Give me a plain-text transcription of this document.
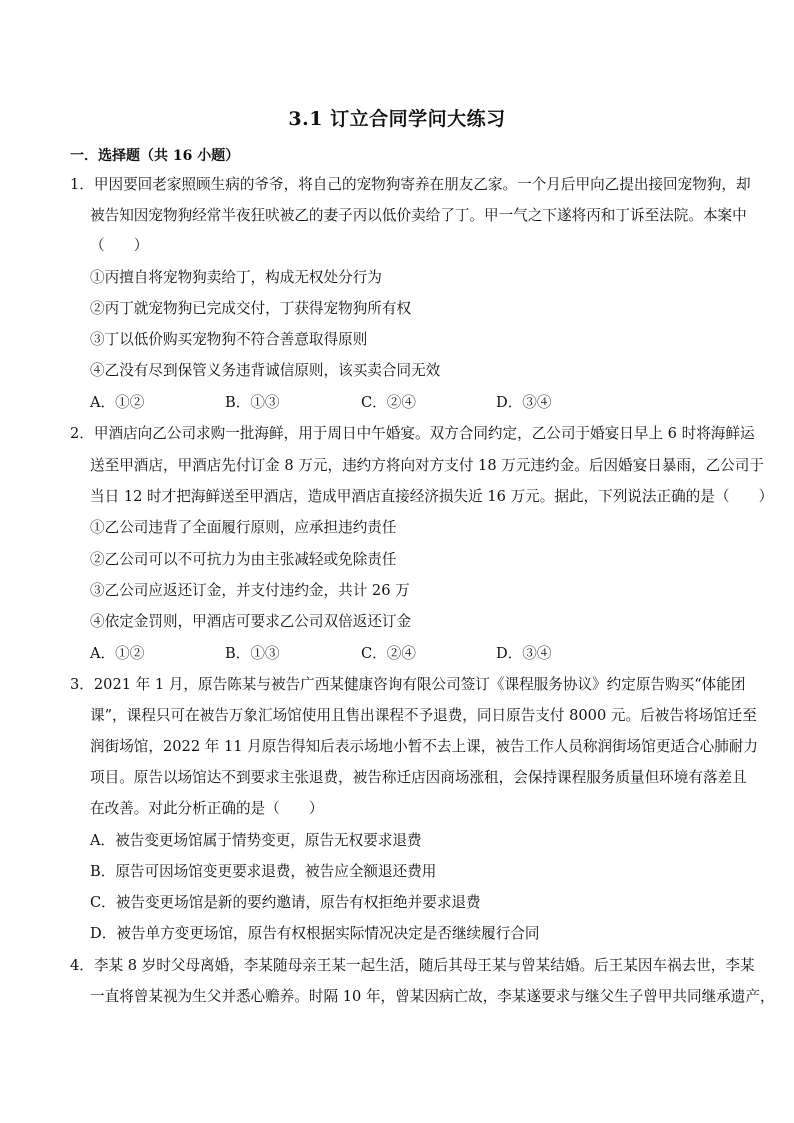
3.1 订立合同学问大练习
一．选择题（共 16 小题）
1．甲因要回老家照顾生病的爷爷，将自己的宠物狗寄养在朋友乙家。一个月后甲向乙提出接回宠物狗，却
被告知因宠物狗经常半夜狂吠被乙的妻子丙以低价卖给了丁。甲一气之下遂将丙和丁诉至法院。本案中
（　　）
①丙擅自将宠物狗卖给丁，构成无权处分行为
②丙丁就宠物狗已完成交付，丁获得宠物狗所有权
③丁以低价购买宠物狗不符合善意取得原则
④乙没有尽到保管义务违背诚信原则，该买卖合同无效
A．①②	B．①③	C．②④	D．③④
2．甲酒店向乙公司求购一批海鲜，用于周日中午婚宴。双方合同约定，乙公司于婚宴日早上 6 时将海鲜运
送至甲酒店，甲酒店先付订金 8 万元，违约方将向对方支付 18 万元违约金。后因婚宴日暴雨，乙公司于
当日 12 时才把海鲜送至甲酒店，造成甲酒店直接经济损失近 16 万元。据此，下列说法正确的是（　　）
①乙公司违背了全面履行原则，应承担违约责任
②乙公司可以不可抗力为由主张减轻或免除责任
③乙公司应返还订金，并支付违约金，共计 26 万
④依定金罚则，甲酒店可要求乙公司双倍返还订金
A．①②	B．①③	C．②④	D．③④
3．2021 年 1 月，原告陈某与被告广西某健康咨询有限公司签订《课程服务协议》约定原告购买“体能团
课”，课程只可在被告万象汇场馆使用且售出课程不予退费，同日原告支付 8000 元。后被告将场馆迁至
润街场馆，2022 年 11 月原告得知后表示场地小暂不去上课，被告工作人员称润街场馆更适合心肺耐力
项目。原告以场馆达不到要求主张退费，被告称迁店因商场涨租，会保持课程服务质量但环境有落差且
在改善。对此分析正确的是（　　）
A．被告变更场馆属于情势变更，原告无权要求退费
B．原告可因场馆变更要求退费，被告应全额退还费用
C．被告变更场馆是新的要约邀请，原告有权拒绝并要求退费
D．被告单方变更场馆，原告有权根据实际情况决定是否继续履行合同
4．李某 8 岁时父母离婚，李某随母亲王某一起生活，随后其母王某与曾某结婚。后王某因车祸去世，李某
一直将曾某视为生父并悉心赡养。时隔 10 年，曾某因病亡故，李某遂要求与继父生子曾甲共同继承遗产，
